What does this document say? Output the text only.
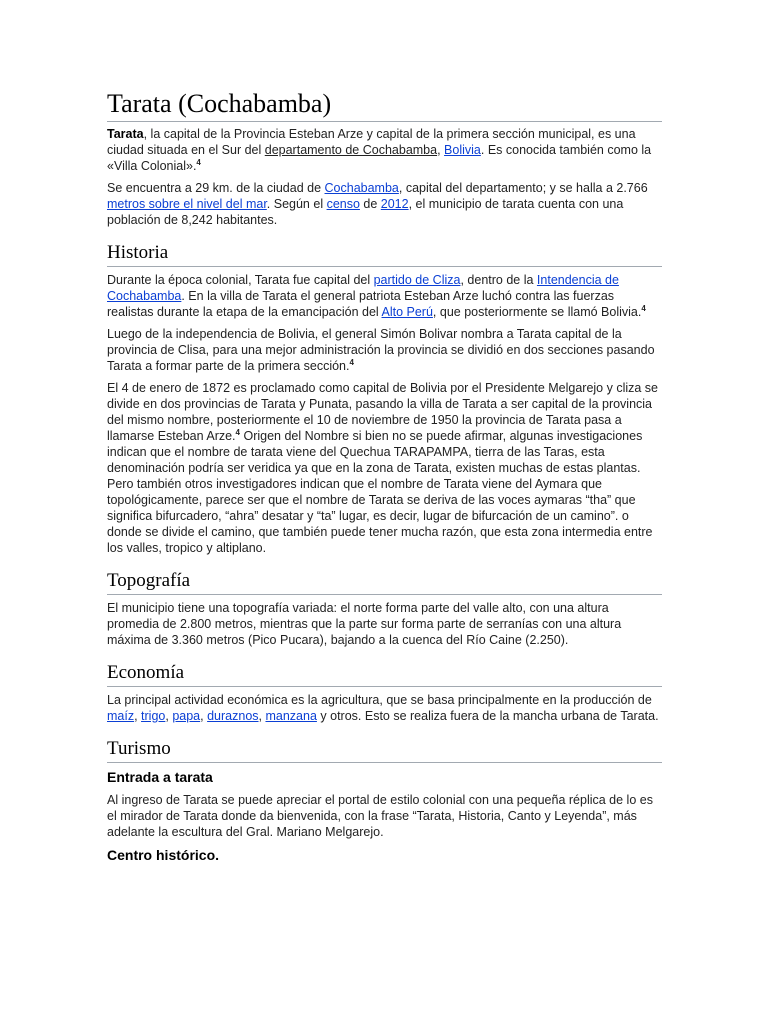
Tarata (Cochabamba)

Tarata, la capital de la Provincia Esteban Arze y capital de la primera sección municipal, es una ciudad situada en el Sur del departamento de Cochabamba, Bolivia. Es conocida también como la «Villa Colonial».$^4$

Se encuentra a 29 km. de la ciudad de Cochabamba, capital del departamento; y se halla a 2.766 metros sobre el nivel del mar. Según el censo de 2012, el municipio de tarata cuenta con una población de 8,242 habitantes.

Historia

Durante la época colonial, Tarata fue capital del partido de Cliza, dentro de la Intendencia de Cochabamba. En la villa de Tarata el general patriota Esteban Arze luchó contra las fuerzas realistas durante la etapa de la emancipación del Alto Perú, que posteriormente se llamó Bolivia.$^4$

Luego de la independencia de Bolivia, el general Simón Bolivar nombra a Tarata capital de la provincia de Clisa, para una mejor administración la provincia se dividió en dos secciones pasando Tarata a formar parte de la primera sección.$^4$

El 4 de enero de 1872 es proclamado como capital de Bolivia por el Presidente Melgarejo y cliza se divide en dos provincias de Tarata y Punata, pasando la villa de Tarata a ser capital de la provincia del mismo nombre, posteriormente el 10 de noviembre de 1950 la provincia de Tarata pasa a llamarse Esteban Arze.$^4$ Origen del Nombre si bien no se puede afirmar, algunas investigaciones indican que el nombre de tarata viene del Quechua TARAPAMPA, tierra de las Taras, esta denominación podría ser veridica ya que en la zona de Tarata, existen muchas de estas plantas. Pero también otros investigadores indican que el nombre de Tarata viene del Aymara que topológicamente, parece ser que el nombre de Tarata se deriva de las voces aymaras “tha” que significa bifurcadero, “ahra” desatar y “ta” lugar, es decir, lugar de bifurcación de un camino”. o donde se divide el camino, que también puede tener mucha razón, que esta zona intermedia entre los valles, tropico y altiplano.

Topografía

El municipio tiene una topografía variada: el norte forma parte del valle alto, con una altura promedia de 2.800 metros, mientras que la parte sur forma parte de serranías con una altura máxima de 3.360 metros (Pico Pucara), bajando a la cuenca del Río Caine (2.250).

Economía

La principal actividad económica es la agricultura, que se basa principalmente en la producción de maíz, trigo, papa, duraznos, manzana y otros. Esto se realiza fuera de la mancha urbana de Tarata.

Turismo
Entrada a tarata

Al ingreso de Tarata se puede apreciar el portal de estilo colonial con una pequeña réplica de lo es el mirador de Tarata donde da bienvenida, con la frase “Tarata, Historia, Canto y Leyenda”, más adelante la escultura del Gral. Mariano Melgarejo.

Centro histórico.
